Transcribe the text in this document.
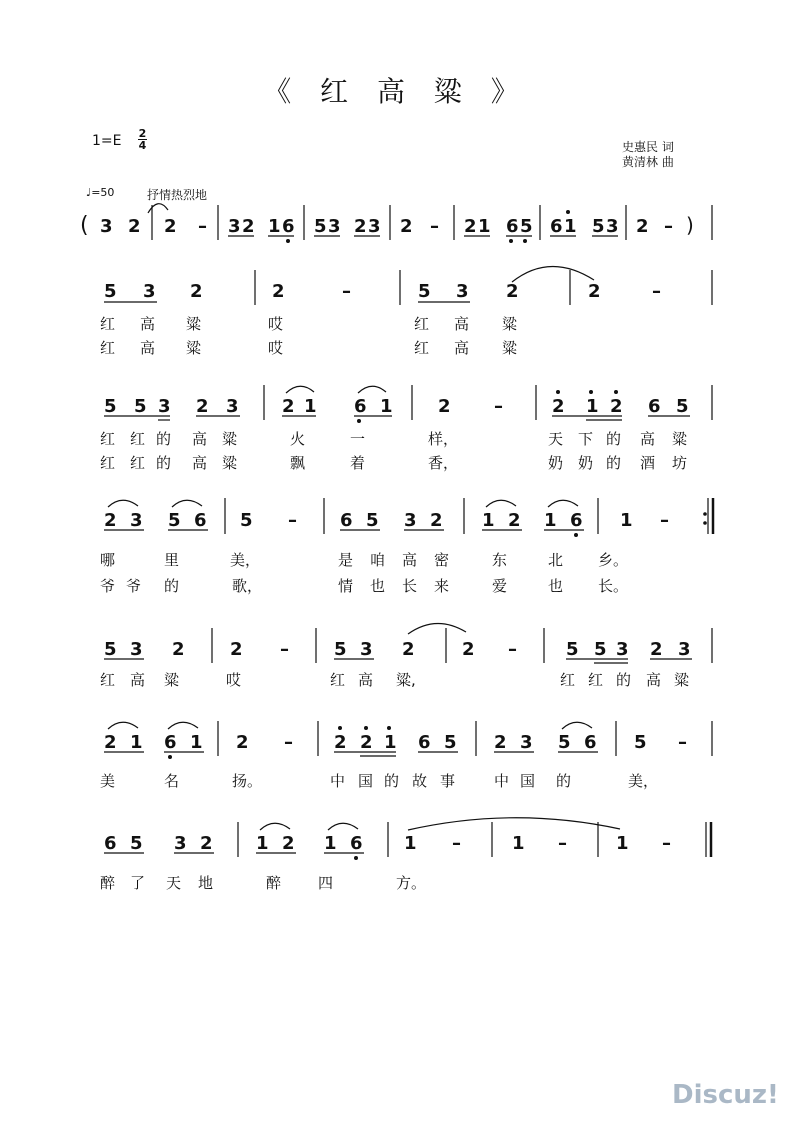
《 红 高 粱 》
1=E 2
4	史惠民 词
黄清林 曲
♩=50	抒情热烈地
( 3 2 2 – 3 2 1 6 5 3 2 3 2 – 2 1 6 5 6 1 5 3 2 – )
5 3 2	2	–	5 3 2	2	–
5 5 3 2 3 2 1 6 1	2 –	2 1 2 6 5
2 3 5 6 5 – 6 5 3 2 1 2 1 6 1 –
5 3 2	2 –	5 3 2	2 –	5 5 3 2 3
2 1 6 1 2 – 2 2 1 6 5 2 3 5 6 5 –
6 5 3 2 1 2 1 6 1 –	1 –	1 –
红 高 粱	哎	红 高 粱
红 高 粱	哎	红 高 粱
红 红 的 高 粱	火	一	样，	天 下 的 高 粱
红 红 的 高 粱	飘	着	香，	奶 奶 的 酒 坊
哪	里	美，	是 咱 高 密	东	北 乡。
爷 爷 的	歌，	情 也 长 来	爱	也 长。
红 高 粱	哎	红 高 粱,	红 红 的 高 粱
美	名	扬。	中 国 的 故 事	中 国 的	美，
醉 了 天 地	醉 四	方。
Discuz!
